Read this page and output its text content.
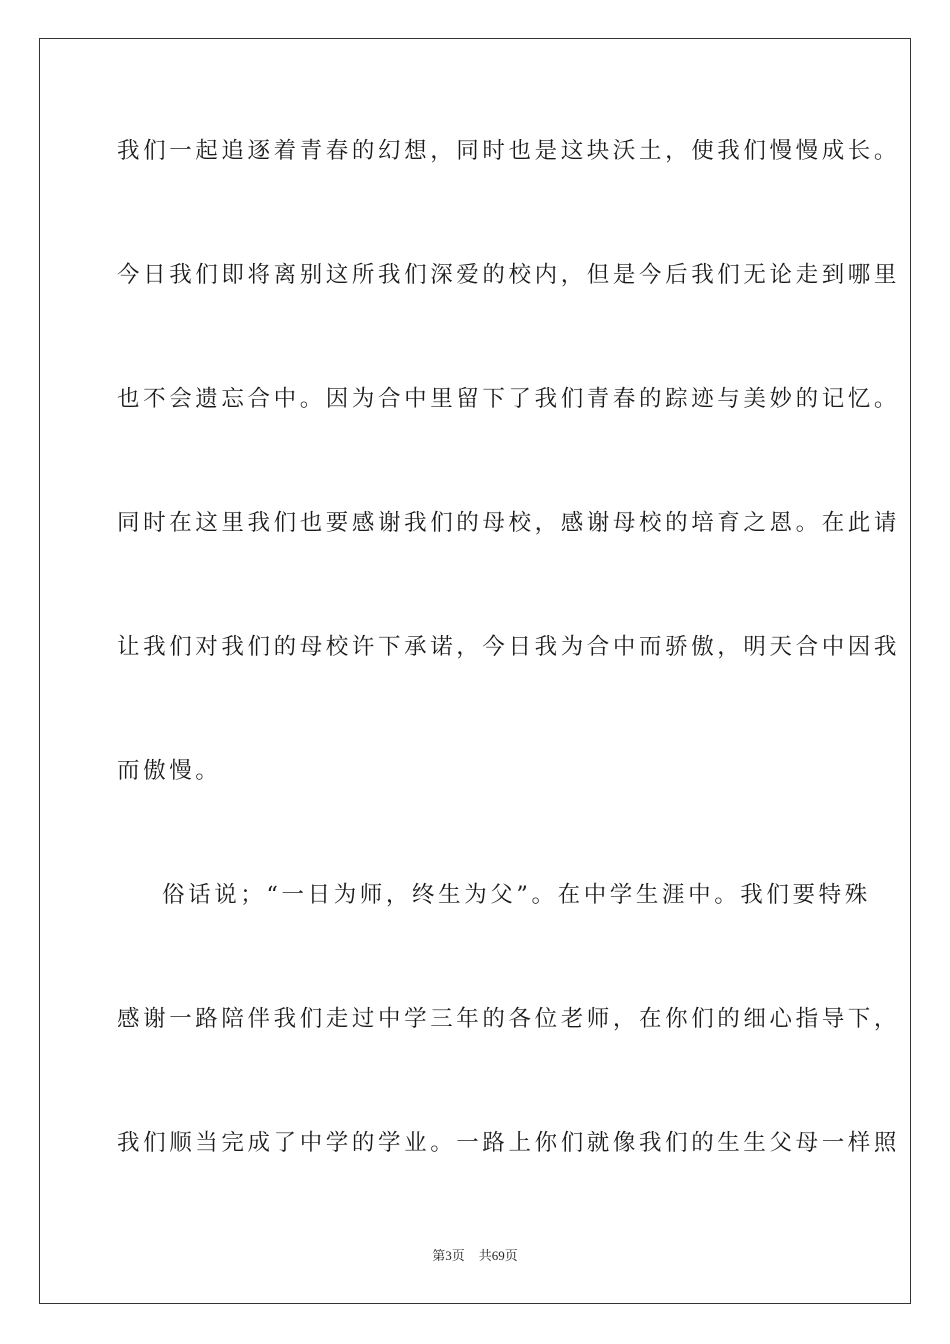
我们一起追逐着青春的幻想，同时也是这块沃土，使我们慢慢成长。
今日我们即将离别这所我们深爱的校内，但是今后我们无论走到哪里
也不会遗忘合中。因为合中里留下了我们青春的踪迹与美妙的记忆。
同时在这里我们也要感谢我们的母校，感谢母校的培育之恩。在此请
让我们对我们的母校许下承诺，今日我为合中而骄傲，明天合中因我
而傲慢。
俗话说；“一日为师，终生为父”。在中学生涯中。我们要特殊
感谢一路陪伴我们走过中学三年的各位老师，在你们的细心指导下，
我们顺当完成了中学的学业。一路上你们就像我们的生生父母一样照
第3页 共69页
